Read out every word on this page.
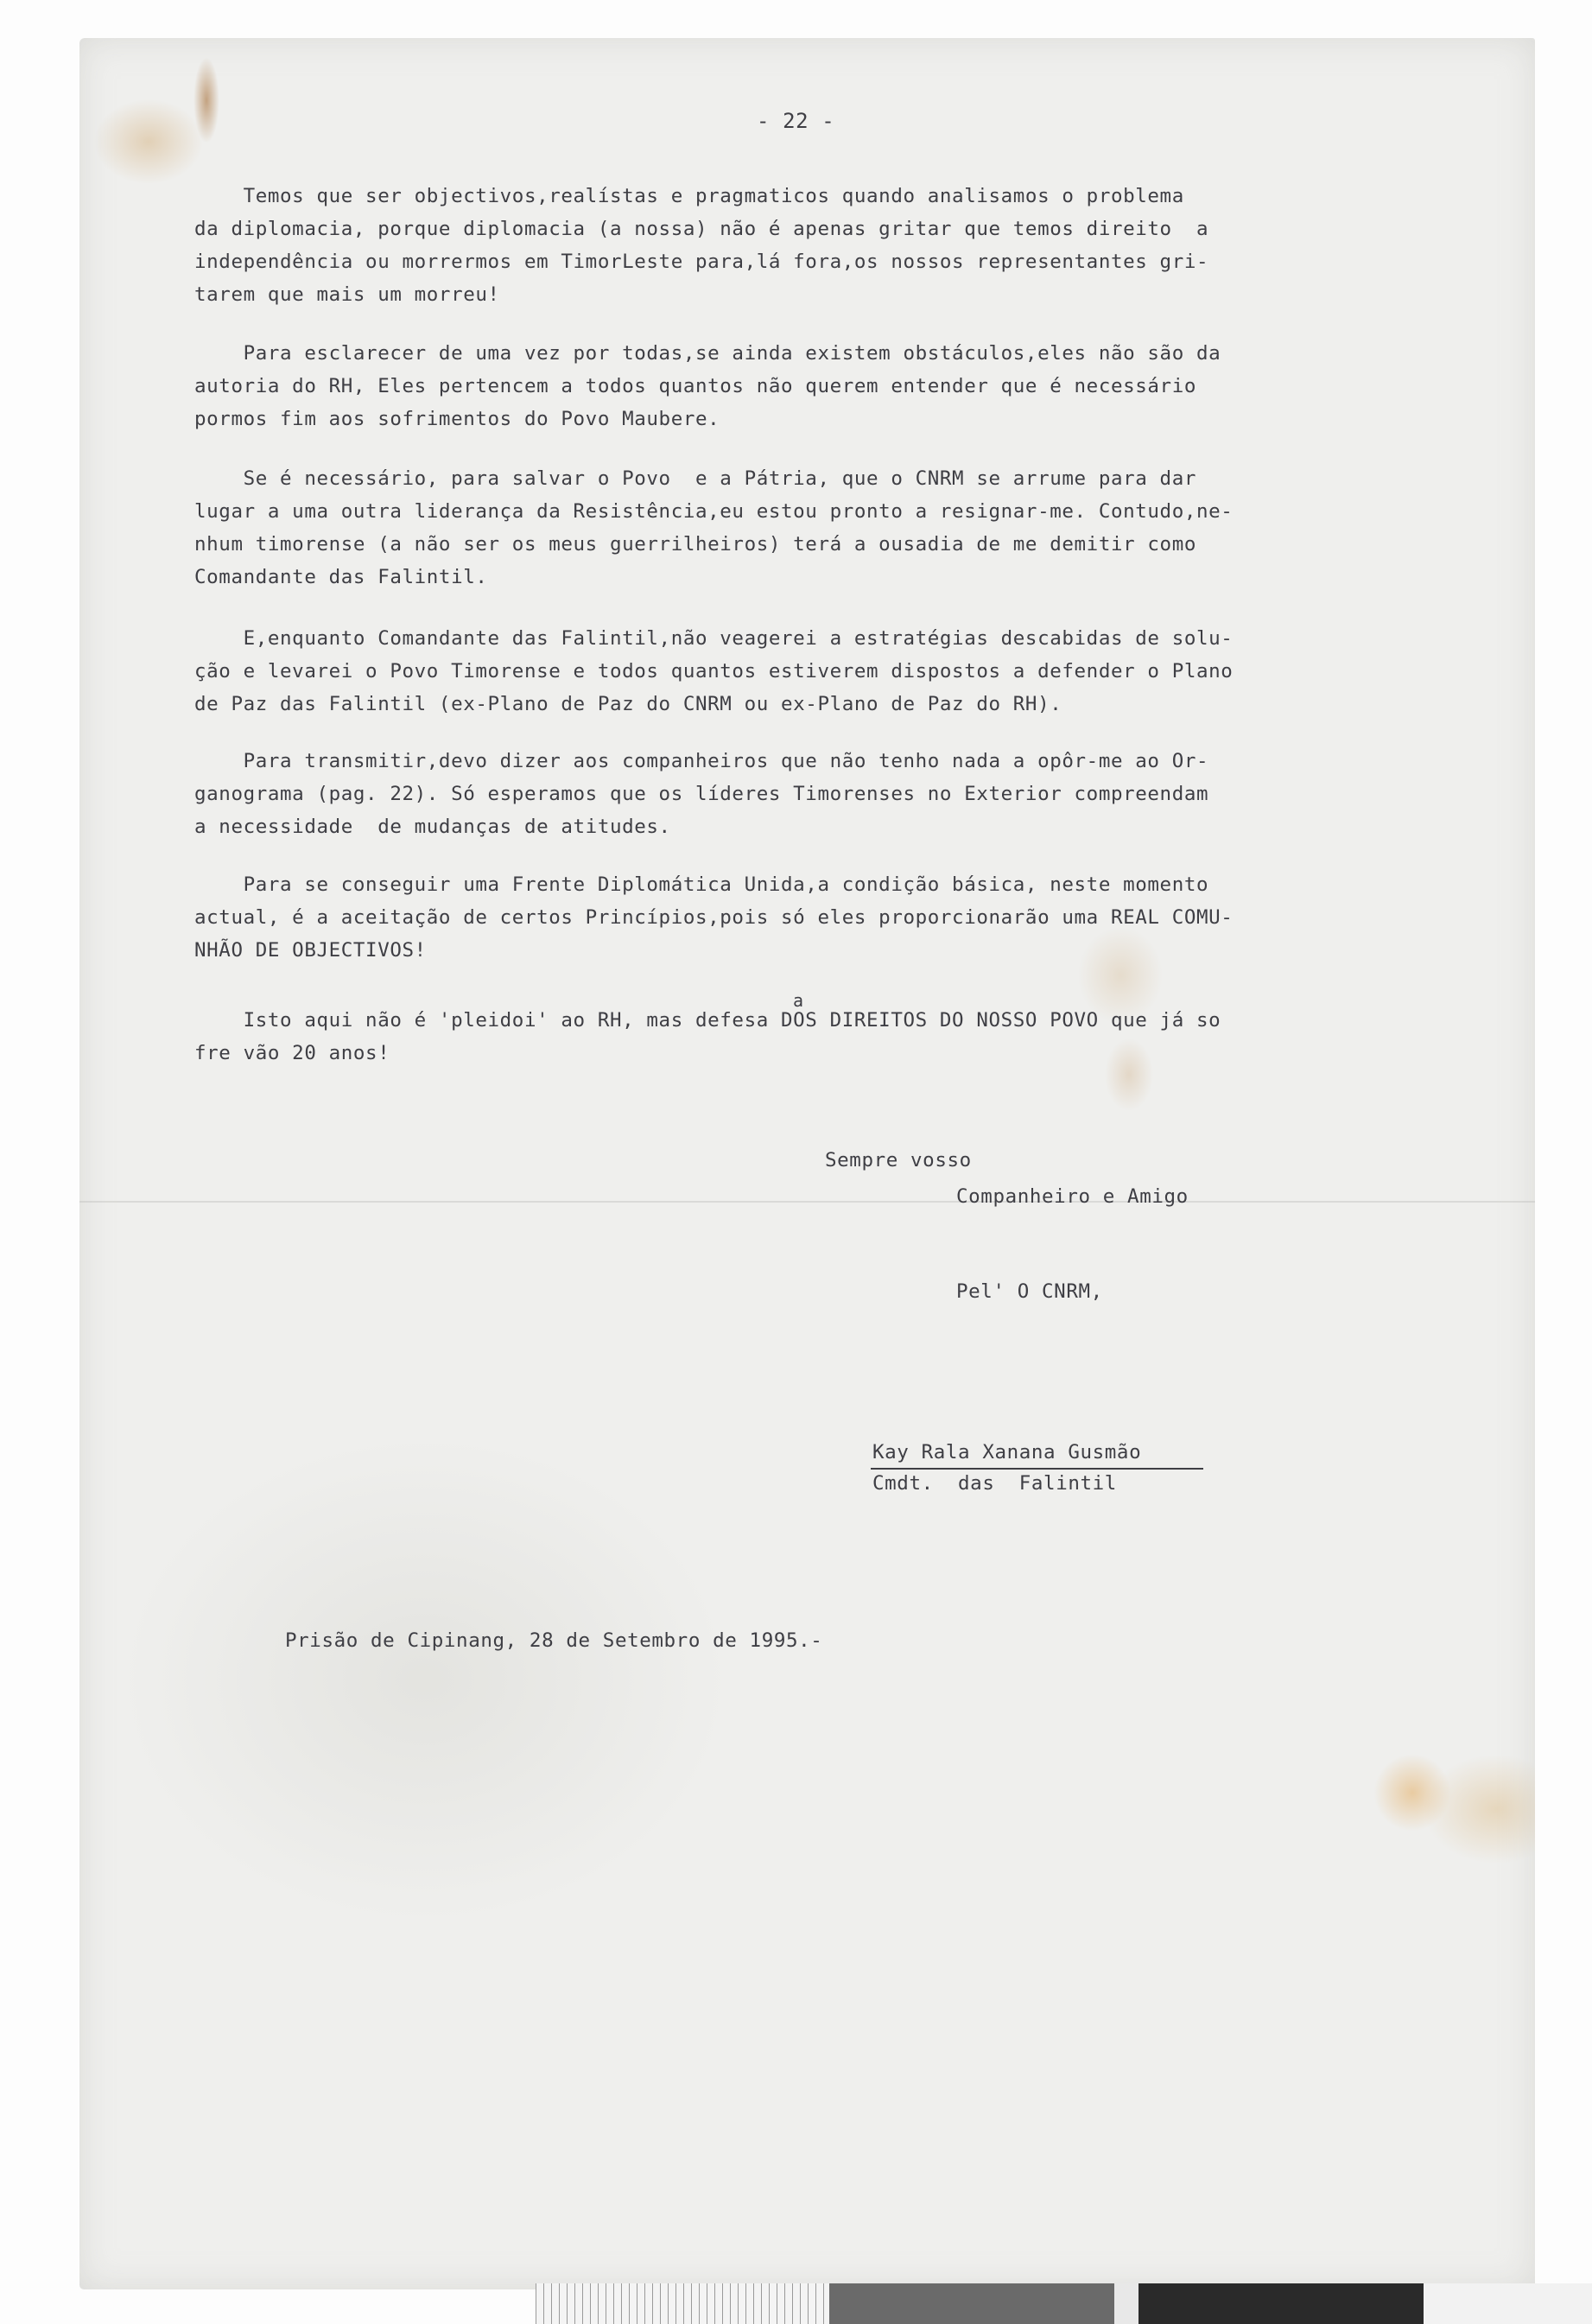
- 22 -

Temos que ser objectivos,realístas e pragmaticos quando analisamos o problema
da diplomacia, porque diplomacia (a nossa) não é apenas gritar que temos direito  a
independência ou morrermos em TimorLeste para,lá fora,os nossos representantes gri-
tarem que mais um morreu!
Para esclarecer de uma vez por todas,se ainda existem obstáculos,eles não são da
autoria do RH, Eles pertencem a todos quantos não querem entender que é necessário
pormos fim aos sofrimentos do Povo Maubere.
Se é necessário, para salvar o Povo  e a Pátria, que o CNRM se arrume para dar
lugar a uma outra liderança da Resistência,eu estou pronto a resignar-me. Contudo,ne-
nhum timorense (a não ser os meus guerrilheiros) terá a ousadia de me demitir como
Comandante das Falintil.
E,enquanto Comandante das Falintil,não veagerei a estratégias descabidas de solu-
ção e levarei o Povo Timorense e todos quantos estiverem dispostos a defender o Plano
de Paz das Falintil (ex-Plano de Paz do CNRM ou ex-Plano de Paz do RH).
Para transmitir,devo dizer aos companheiros que não tenho nada a opôr-me ao Or-
ganograma (pag. 22). Só esperamos que os líderes Timorenses no Exterior compreendam
a necessidade  de mudanças de atitudes.
Para se conseguir uma Frente Diplomática Unida,a condição básica, neste momento
actual, é a aceitação de certos Princípios,pois só eles proporcionarão uma REAL COMU-
NHÃO DE OBJECTIVOS!

a

Isto aqui não é 'pleidoi' ao RH, mas defesa DOS DIREITOS DO NOSSO POVO que já so
fre vão 20 anos!

Sempre vosso

Companheiro e Amigo

Pel' O CNRM,

Kay Rala Xanana Gusmão

Cmdt.  das  Falintil

Prisão de Cipinang, 28 de Setembro de 1995.-
